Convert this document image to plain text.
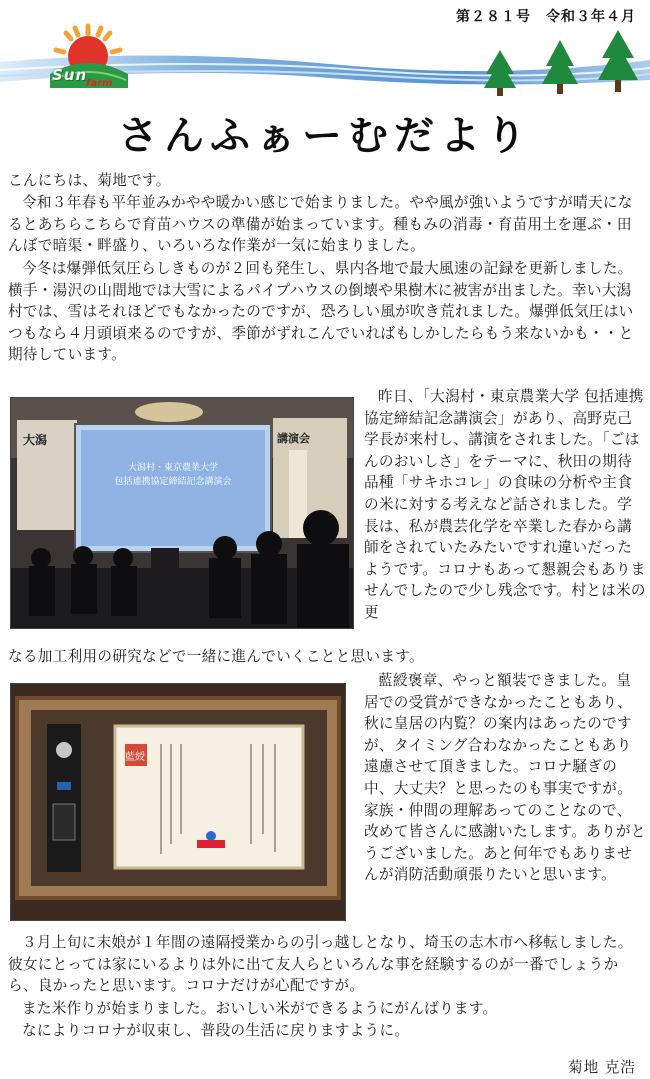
第２８１号　令和３年４月
Sun
farm
さんふぁーむだより

こんにちは、菊地です。

令和３年春も平年並みかやや暖かい感じで始まりました。やや風が強いようですが晴天になるとあちらこちらで育苗ハウスの準備が始まっています。種もみの消毒・育苗用土を運ぶ・田んぼで暗渠・畔盛り、いろいろな作業が一気に始まりました。

今冬は爆弾低気圧らしきものが２回も発生し、県内各地で最大風速の記録を更新しました。横手・湯沢の山間地では大雪によるパイプハウスの倒壊や果樹木に被害が出ました。幸い大潟村では、雪はそれほどでもなかったのですが、恐ろしい風が吹き荒れました。爆弾低気圧はいつもなら４月頭頃来るのですが、季節がずれこんでいればもしかしたらもう来ないかも・・と期待しています。

大潟村・東京農業大学
包括連携協定締結記念講演会
大潟	講演会

昨日、「大潟村・東京農業大学 包括連携協定締結記念講演会」があり、高野克己学長が来村し、講演をされました。「ごはんのおいしさ」をテーマに、秋田の期待品種「サキホコレ」の食味の分析や主食の米に対する考えなど話されました。学長は、私が農芸化学を卒業した春から講師をされていたみたいですれ違いだったようです。コロナもあって懇親会もありませんでしたので少し残念です。村とは米の更

なる加工利用の研究などで一緒に進んでいくことと思います。

藍綬

藍綬褒章、やっと額装できました。皇居での受賞ができなかったこともあり、秋に皇居の内覧？の案内はあったのですが、タイミング合わなかったこともあり遠慮させて頂きました。コロナ騒ぎの中、大丈夫？と思ったのも事実ですが。家族・仲間の理解あってのことなので、改めて皆さんに感謝いたします。ありがとうございました。あと何年でもありませんが消防活動頑張りたいと思います。

３月上旬に末娘が１年間の遠隔授業からの引っ越しとなり、埼玉の志木市へ移転しました。彼女にとっては家にいるよりは外に出て友人らといろんな事を経験するのが一番でしょうから、良かったと思います。コロナだけが心配ですが。

また米作りが始まりました。おいしい米ができるようにがんばります。

なによりコロナが収束し、普段の生活に戻りますように。

菊地 克浩
